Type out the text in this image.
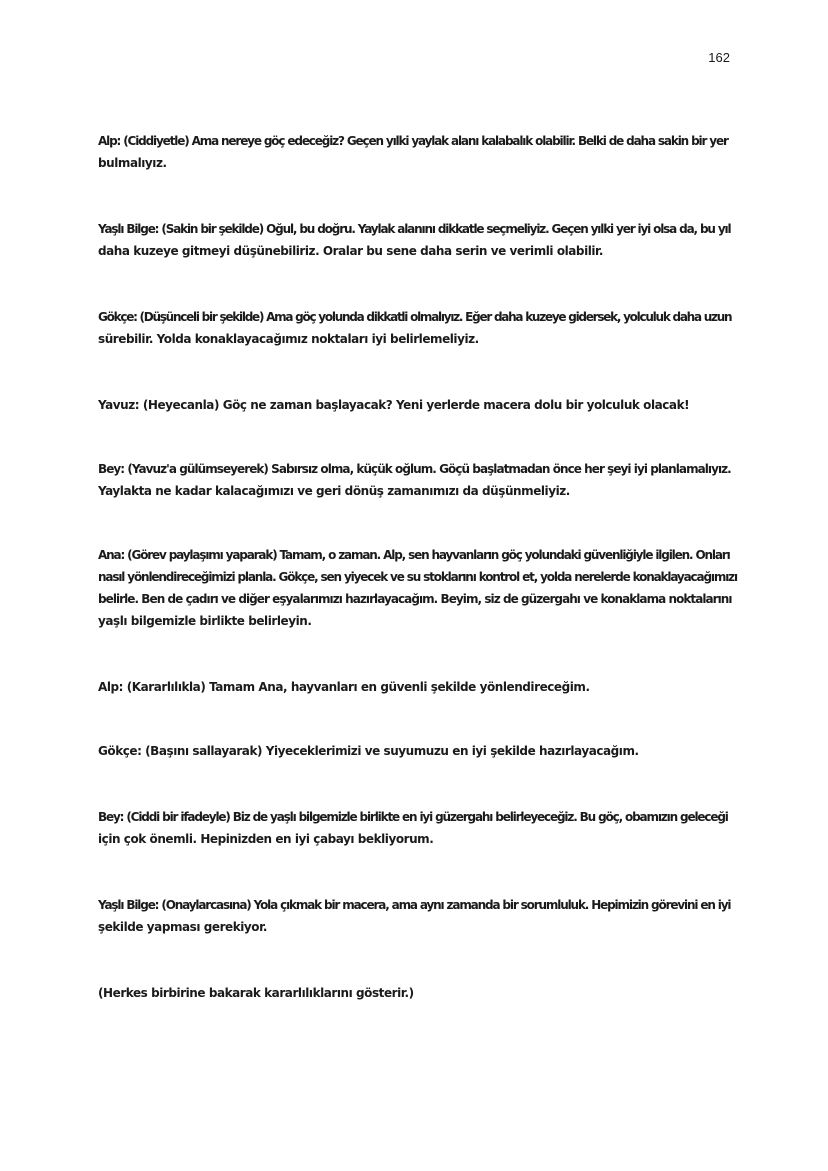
162
Alp: (Ciddiyetle) Ama nereye göç edeceğiz? Geçen yılki yaylak alanı kalabalık olabilir. Belki de daha sakin bir yer
bulmalıyız.
Yaşlı Bilge: (Sakin bir şekilde) Oğul, bu doğru. Yaylak alanını dikkatle seçmeliyiz. Geçen yılki yer iyi olsa da, bu yıl
daha kuzeye gitmeyi düşünebiliriz. Oralar bu sene daha serin ve verimli olabilir.
Gökçe: (Düşünceli bir şekilde) Ama göç yolunda dikkatli olmalıyız. Eğer daha kuzeye gidersek, yolculuk daha uzun
sürebilir. Yolda konaklayacağımız noktaları iyi belirlemeliyiz.
Yavuz: (Heyecanla) Göç ne zaman başlayacak? Yeni yerlerde macera dolu bir yolculuk olacak!
Bey: (Yavuz'a gülümseyerek) Sabırsız olma, küçük oğlum. Göçü başlatmadan önce her şeyi iyi planlamalıyız.
Yaylakta ne kadar kalacağımızı ve geri dönüş zamanımızı da düşünmeliyiz.
Ana: (Görev paylaşımı yaparak) Tamam, o zaman. Alp, sen hayvanların göç yolundaki güvenliğiyle ilgilen. Onları
nasıl yönlendireceğimizi planla. Gökçe, sen yiyecek ve su stoklarını kontrol et, yolda nerelerde konaklayacağımızı
belirle. Ben de çadırı ve diğer eşyalarımızı hazırlayacağım. Beyim, siz de güzergahı ve konaklama noktalarını
yaşlı bilgemizle birlikte belirleyin.
Alp: (Kararlılıkla) Tamam Ana, hayvanları en güvenli şekilde yönlendireceğim.
Gökçe: (Başını sallayarak) Yiyeceklerimizi ve suyumuzu en iyi şekilde hazırlayacağım.
Bey: (Ciddi bir ifadeyle) Biz de yaşlı bilgemizle birlikte en iyi güzergahı belirleyeceğiz. Bu göç, obamızın geleceği
için çok önemli. Hepinizden en iyi çabayı bekliyorum.
Yaşlı Bilge: (Onaylarcasına) Yola çıkmak bir macera, ama aynı zamanda bir sorumluluk. Hepimizin görevini en iyi
şekilde yapması gerekiyor.
(Herkes birbirine bakarak kararlılıklarını gösterir.)
